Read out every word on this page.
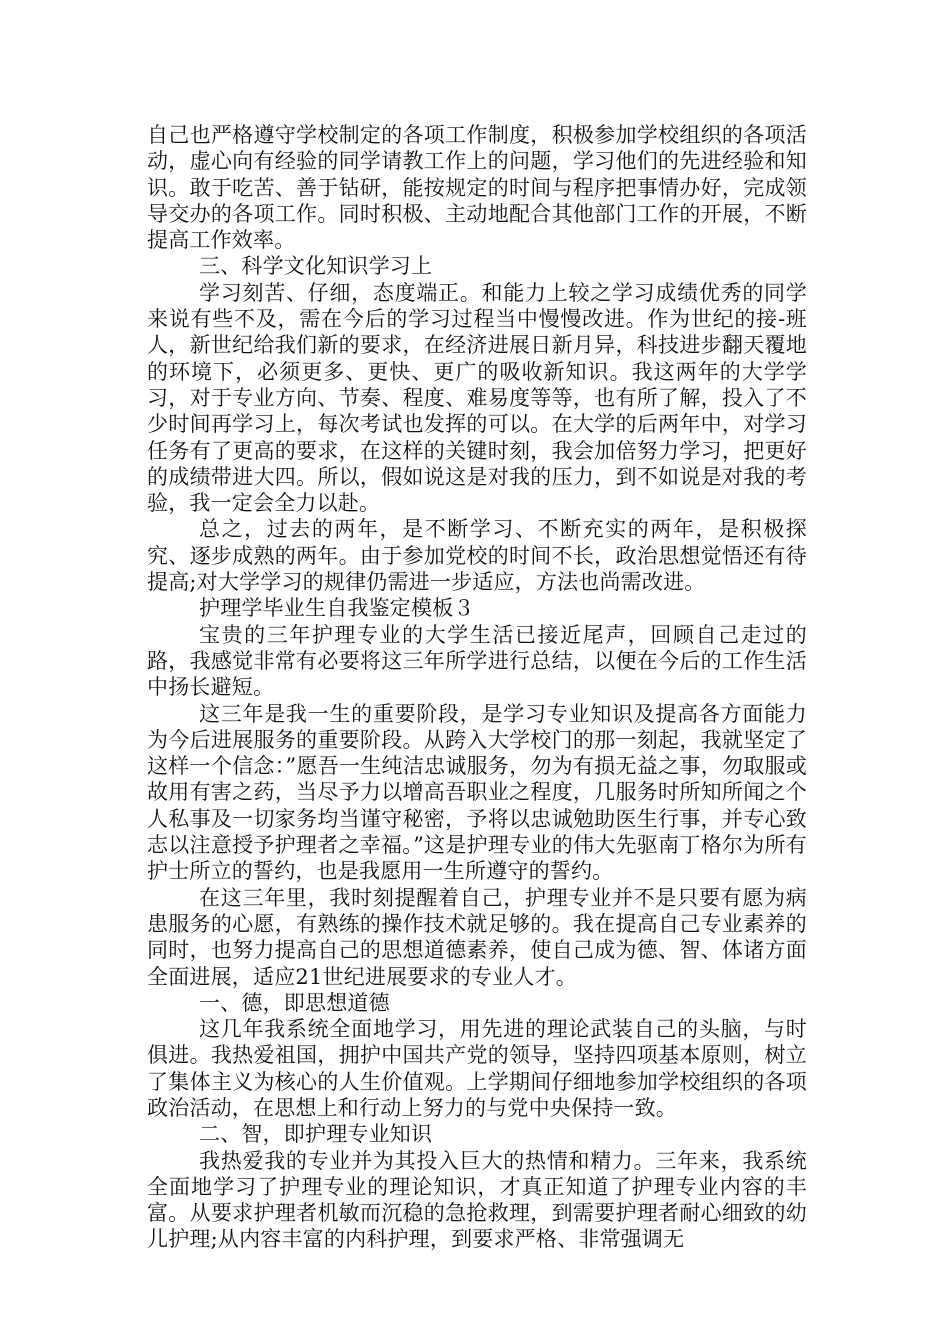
自己也严格遵守学校制定的各项工作制度，积极参加学校组织的各项活动，虚心向有经验的同学请教工作上的问题，学习他们的先进经验和知识。敢于吃苦、善于钻研，能按规定的时间与程序把事情办好，完成领导交办的各项工作。同时积极、主动地配合其他部门工作的开展，不断提高工作效率。

三、科学文化知识学习上

学习刻苦、仔细，态度端正。和能力上较之学习成绩优秀的同学来说有些不及，需在今后的学习过程当中慢慢改进。作为世纪的接-班人，新世纪给我们新的要求，在经济进展日新月异，科技进步翻天覆地的环境下，必须更多、更快、更广的吸收新知识。我这两年的大学学习，对于专业方向、节奏、程度、难易度等等，也有所了解，投入了不少时间再学习上，每次考试也发挥的可以。在大学的后两年中，对学习任务有了更高的要求，在这样的关键时刻，我会加倍努力学习，把更好的成绩带进大四。所以，假如说这是对我的压力，到不如说是对我的考验，我一定会全力以赴。

总之，过去的两年，是不断学习、不断充实的两年，是积极探究、逐步成熟的两年。由于参加党校的时间不长，政治思想觉悟还有待提高;对大学学习的规律仍需进一步适应，方法也尚需改进。

护理学毕业生自我鉴定模板３

宝贵的三年护理专业的大学生活已接近尾声，回顾自己走过的路，我感觉非常有必要将这三年所学进行总结，以便在今后的工作生活中扬长避短。

这三年是我一生的重要阶段，是学习专业知识及提高各方面能力为今后进展服务的重要阶段。从跨入大学校门的那一刻起，我就坚定了这样一个信念：”愿吾一生纯洁忠诚服务，勿为有损无益之事，勿取服或故用有害之药，当尽予力以增高吾职业之程度，几服务时所知所闻之个人私事及一切家务均当谨守秘密，予将以忠诚勉助医生行事，并专心致志以注意授予护理者之幸福。”这是护理专业的伟大先驱南丁格尔为所有护士所立的誓约，也是我愿用一生所遵守的誓约。

在这三年里，我时刻提醒着自己，护理专业并不是只要有愿为病患服务的心愿，有熟练的操作技术就足够的。我在提高自己专业素养的同时，也努力提高自己的思想道德素养，使自己成为德、智、体诸方面全面进展，适应21世纪进展要求的专业人才。

一、德，即思想道德

这几年我系统全面地学习，用先进的理论武装自己的头脑，与时俱进。我热爱祖国，拥护中国共产党的领导，坚持四项基本原则，树立了集体主义为核心的人生价值观。上学期间仔细地参加学校组织的各项政治活动，在思想上和行动上努力的与党中央保持一致。

二、智，即护理专业知识

我热爱我的专业并为其投入巨大的热情和精力。三年来，我系统全面地学习了护理专业的理论知识，才真正知道了护理专业内容的丰富。从要求护理者机敏而沉稳的急抢救理，到需要护理者耐心细致的幼儿护理;从内容丰富的内科护理，到要求严格、非常强调无
